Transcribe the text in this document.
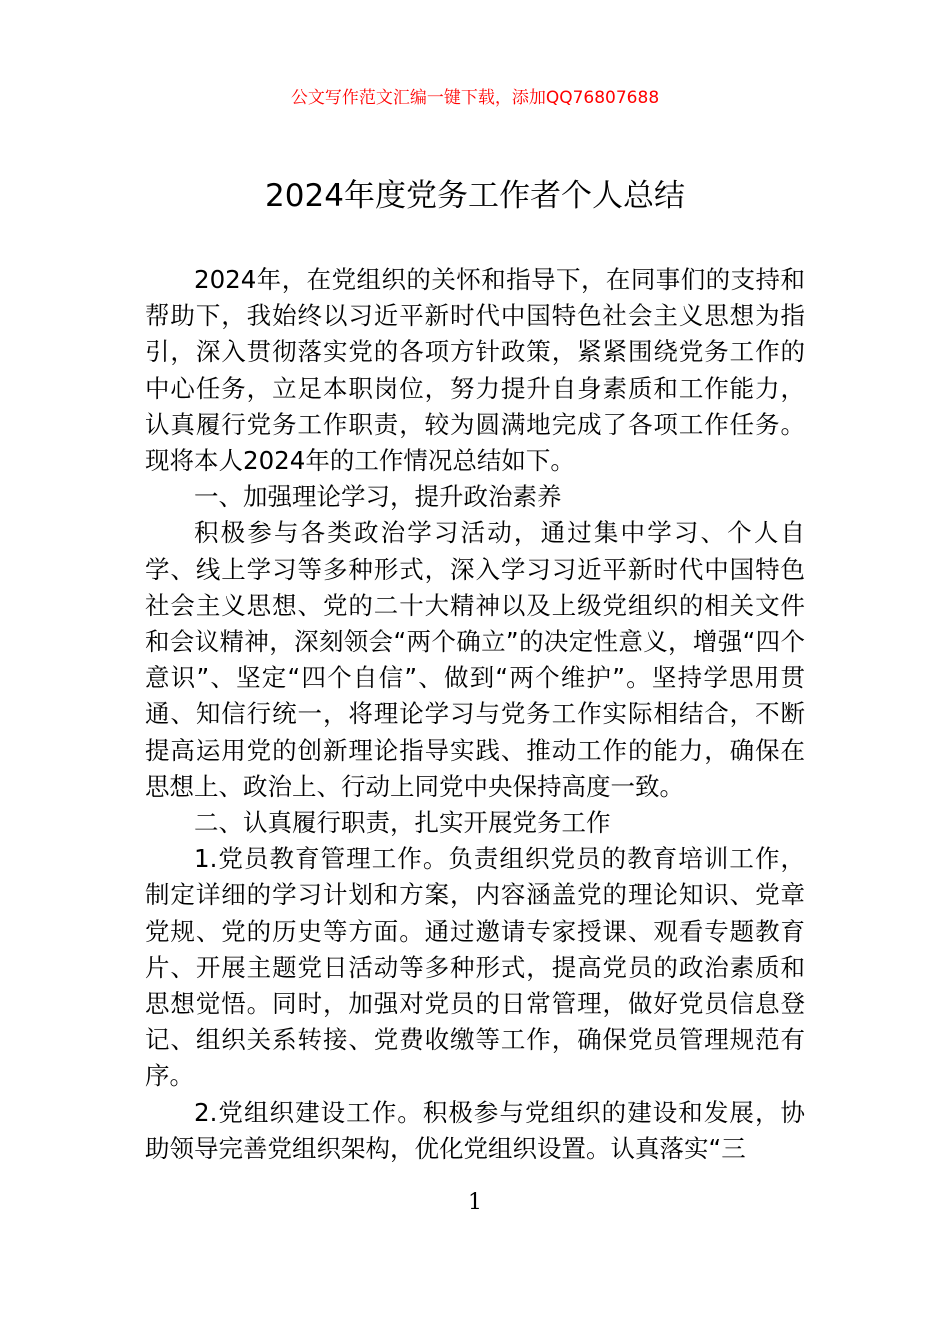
公文写作范文汇编一键下载，添加QQ76807688
2024年度党务工作者个人总结

2024年，在党组织的关怀和指导下，在同事们的支持和帮助下，我始终以习近平新时代中国特色社会主义思想为指引，深入贯彻落实党的各项方针政策，紧紧围绕党务工作的中心任务，立足本职岗位，努力提升自身素质和工作能力，认真履行党务工作职责，较为圆满地完成了各项工作任务。现将本人2024年的工作情况总结如下。

一、加强理论学习，提升政治素养

积极参与各类政治学习活动，通过集中学习、个人自学、线上学习等多种形式，深入学习习近平新时代中国特色社会主义思想、党的二十大精神以及上级党组织的相关文件和会议精神，深刻领会“两个确立”的决定性意义，增强“四个意识”、坚定“四个自信”、做到“两个维护”。坚持学思用贯通、知信行统一，将理论学习与党务工作实际相结合，不断提高运用党的创新理论指导实践、推动工作的能力，确保在思想上、政治上、行动上同党中央保持高度一致。

二、认真履行职责，扎实开展党务工作

1.党员教育管理工作。负责组织党员的教育培训工作，制定详细的学习计划和方案，内容涵盖党的理论知识、党章党规、党的历史等方面。通过邀请专家授课、观看专题教育片、开展主题党日活动等多种形式，提高党员的政治素质和思想觉悟。同时，加强对党员的日常管理，做好党员信息登记、组织关系转接、党费收缴等工作，确保党员管理规范有序。

2.党组织建设工作。积极参与党组织的建设和发展，协助领导完善党组织架构，优化党组织设置。认真落实“三

1
